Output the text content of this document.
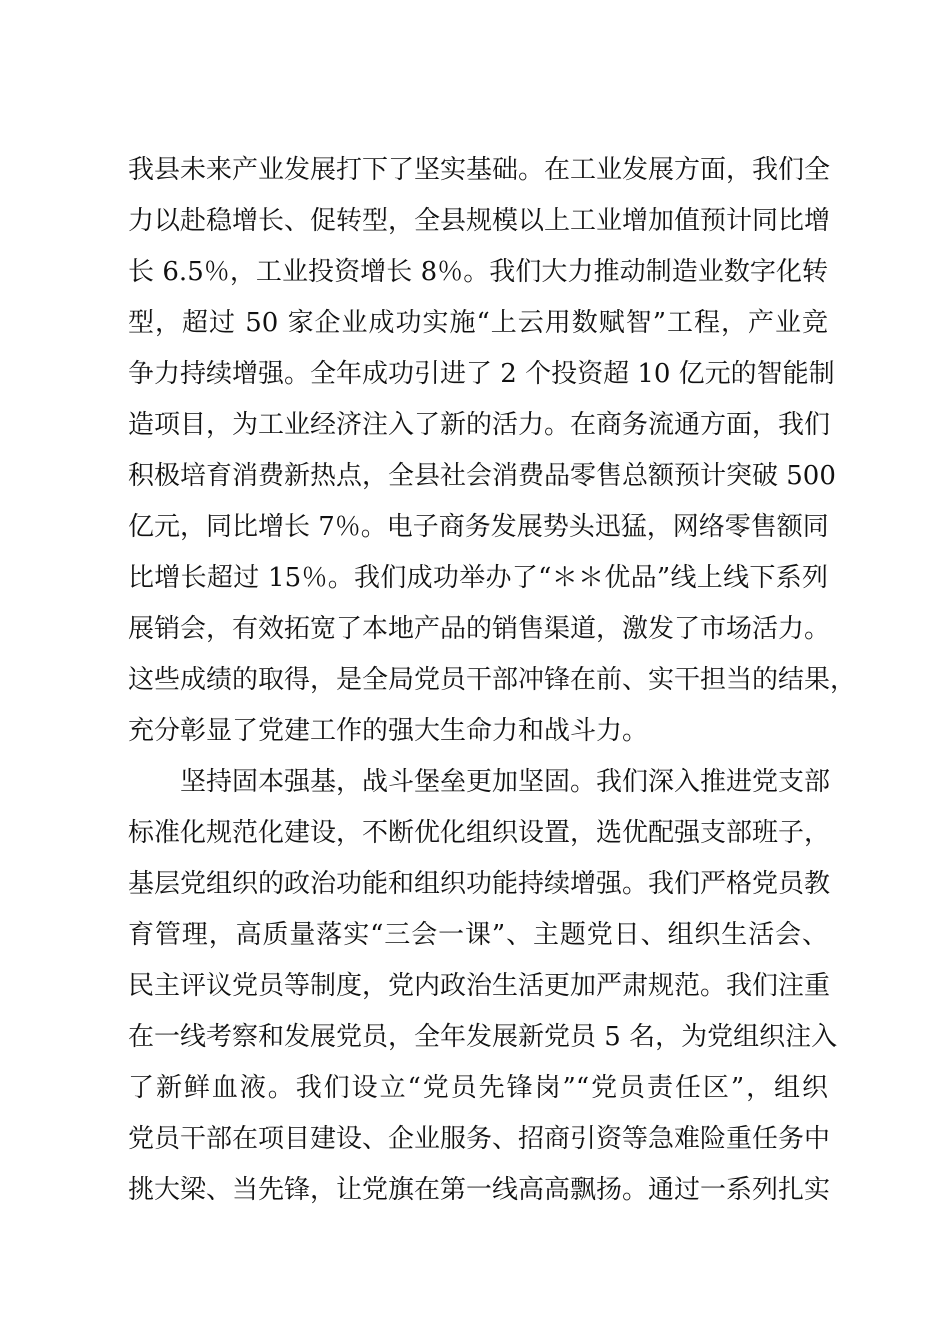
我县未来产业发展打下了坚实基础。在工业发展方面，我们全
力以赴稳增长、促转型，全县规模以上工业增加值预计同比增
长 6.5％，工业投资增长 8％。我们大力推动制造业数字化转
型，超过 50 家企业成功实施“上云用数赋智”工程，产业竞
争力持续增强。全年成功引进了 2 个投资超 10 亿元的智能制
造项目，为工业经济注入了新的活力。在商务流通方面，我们
积极培育消费新热点，全县社会消费品零售总额预计突破 500
亿元，同比增长 7％。电子商务发展势头迅猛，网络零售额同
比增长超过 15％。我们成功举办了“＊＊优品”线上线下系列
展销会，有效拓宽了本地产品的销售渠道，激发了市场活力。
这些成绩的取得，是全局党员干部冲锋在前、实干担当的结果，
充分彰显了党建工作的强大生命力和战斗力。
坚持固本强基，战斗堡垒更加坚固。我们深入推进党支部
标准化规范化建设，不断优化组织设置，选优配强支部班子，
基层党组织的政治功能和组织功能持续增强。我们严格党员教
育管理，高质量落实“三会一课”、主题党日、组织生活会、
民主评议党员等制度，党内政治生活更加严肃规范。我们注重
在一线考察和发展党员，全年发展新党员 5 名，为党组织注入
了新鲜血液。我们设立“党员先锋岗”“党员责任区”，组织
党员干部在项目建设、企业服务、招商引资等急难险重任务中
挑大梁、当先锋，让党旗在第一线高高飘扬。通过一系列扎实
